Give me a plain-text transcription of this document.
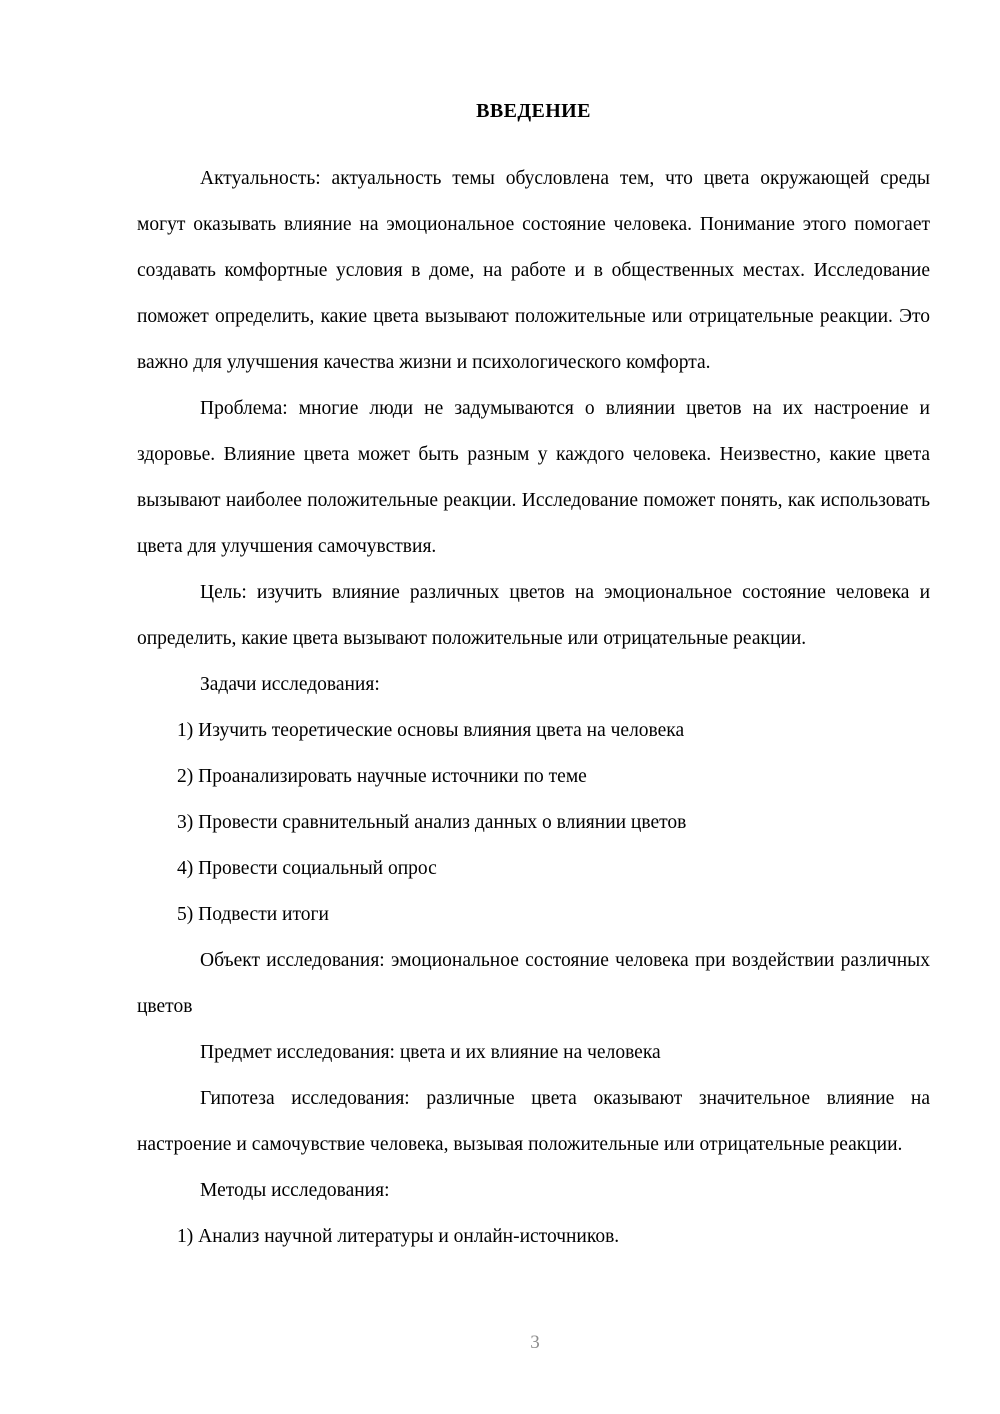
ВВЕДЕНИЕ

Актуальность: актуальность темы обусловлена тем, что цвета окружающей среды могут оказывать влияние на эмоциональное состояние человека. Понимание этого помогает создавать комфортные условия в доме, на работе и в общественных местах. Исследование поможет определить, какие цвета вызывают положительные или отрицательные реакции. Это важно для улучшения качества жизни и психологического комфорта.

Проблема: многие люди не задумываются о влиянии цветов на их настроение и здоровье. Влияние цвета может быть разным у каждого человека. Неизвестно, какие цвета вызывают наиболее положительные реакции. Исследование поможет понять, как использовать цвета для улучшения самочувствия.

Цель: изучить влияние различных цветов на эмоциональное состояние человека и определить, какие цвета вызывают положительные или отрицательные реакции.

Задачи исследования:

1) Изучить теоретические основы влияния цвета на человека

2) Проанализировать научные источники по теме

3) Провести сравнительный анализ данных о влиянии цветов

4) Провести социальный опрос

5) Подвести итоги

Объект исследования: эмоциональное состояние человека при воздействии различных цветов

Предмет исследования: цвета и их влияние на человека

Гипотеза исследования: различные цвета оказывают значительное влияние на настроение и самочувствие человека, вызывая положительные или отрицательные реакции.

Методы исследования:

1) Анализ научной литературы и онлайн-источников.

3
